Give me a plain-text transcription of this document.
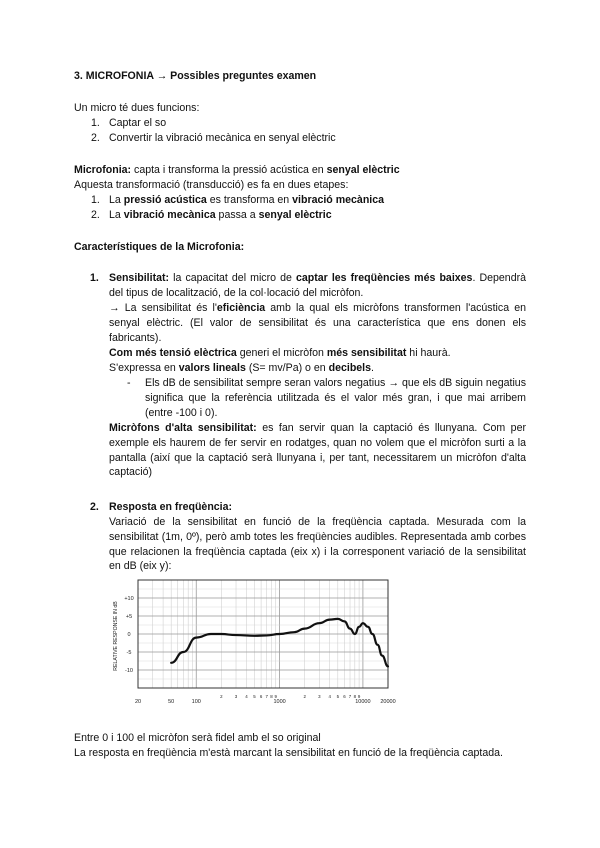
3. MICROFONIA → Possibles preguntes examen
Un micro té dues funcions:
1. Captar el so
2. Convertir la vibració mecànica en senyal elèctric
Microfonia: capta i transforma la pressió acústica en senyal elèctric
Aquesta transformació (transducció) es fa en dues etapes:
1. La pressió acústica es transforma en vibració mecànica
2. La vibració mecànica passa a senyal elèctric
Característiques de la Microfonia:
1. Sensibilitat: la capacitat del micro de captar les freqüències més baixes. Dependrà del tipus de localització, de la col·locació del micròfon.
→ La sensibilitat és l'eficiència amb la qual els micròfons transformen l'acústica en senyal elèctric. (El valor de sensibilitat és una característica que ens donen els fabricants).
Com més tensió elèctrica generi el micròfon més sensibilitat hi haurà.
S'expressa en valors lineals (S= mv/Pa) o en decibels.
- Els dB de sensibilitat sempre seran valors negatius → que els dB siguin negatius significa que la referència utilitzada és el valor més gran, i que mai arribem (entre -100 i 0).
Micròfons d'alta sensibilitat: es fan servir quan la captació és llunyana. Com per exemple els haurem de fer servir en rodatges, quan no volem que el micròfon surti a la pantalla (així que la captació serà llunyana i, per tant, necessitarem un micròfon d'alta captació)
2. Resposta en freqüència:
Variació de la sensibilitat en funció de la freqüència captada. Mesurada com la sensibilitat (1m, 0º), però amb totes les freqüències audibles. Representada amb corbes que relacionen la freqüència captada (eix x) i la corresponent variació de la sensibilitat en dB (eix y):
RELATIVE RESPONSE IN dB
+10
+5
0
-5
-10
20	50	100
2	3 4 5 6 7 8 9
1000
2	3 4 5 6 7 8 9
10000 20000
Entre 0 i 100 el micròfon serà fidel amb el so original
La resposta en freqüència m'està marcant la sensibilitat en funció de la freqüència captada.
